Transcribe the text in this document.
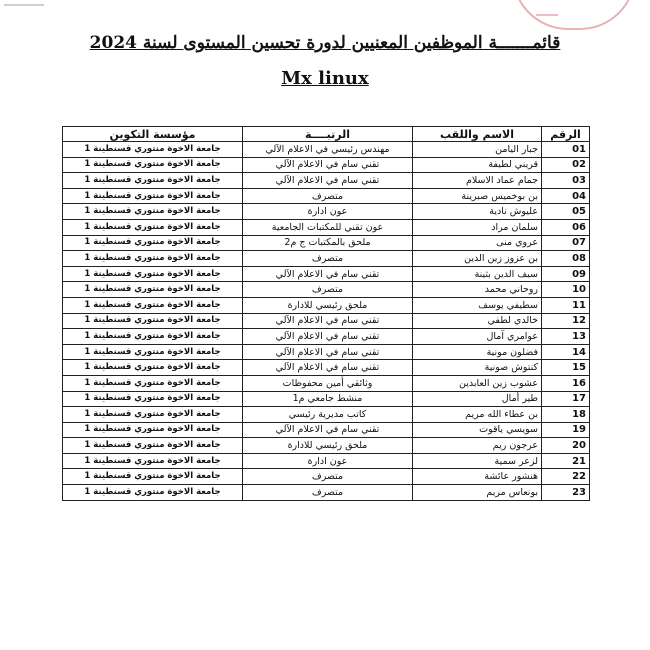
قائمـــــــة الموظفين المعنيين لدورة تحسين المستوى لسنة 2024
Mx linux
الرقم	الاسم واللقب	الرتبــــة	مؤسسة التكوين
01	جبار اليامن	مهندس رئيسي في الاعلام الآلي	جامعة الاخوة منتوري قسنطينة 1
02	قريني لطيفة	تقني سام في الاعلام الآلي	جامعة الاخوة منتوري قسنطينة 1
03	جمام عماد الاسلام	تقني سام في الاعلام الآلي	جامعة الاخوة منتوري قسنطينة 1
04	بن بوخميس صبرينة	متصرف	جامعة الاخوة منتوري قسنطينة 1
05	عليوش نادية	عون ادارة	جامعة الاخوة منتوري قسنطينة 1
06	سلمان مراد	عون تقني للمكتبات الجامعية	جامعة الاخوة منتوري قسنطينة 1
07	عروي منى	ملحق بالمكتبات ج م2	جامعة الاخوة منتوري قسنطينة 1
08	بن عزوز زين الدين	متصرف	جامعة الاخوة منتوري قسنطينة 1
09	سيف الدين بثينة	تقني سام في الاعلام الآلي	جامعة الاخوة منتوري قسنطينة 1
10	روحاني محمد	متصرف	جامعة الاخوة منتوري قسنطينة 1
11	سطيفي يوسف	ملحق رئيسي للادارة	جامعة الاخوة منتوري قسنطينة 1
12	خالدي لطفي	تقني سام في الاعلام الآلي	جامعة الاخوة منتوري قسنطينة 1
13	عوامري آمال	تقني سام في الاعلام الآلي	جامعة الاخوة منتوري قسنطينة 1
14	فضلون مونية	تقني سام في الاعلام الآلي	جامعة الاخوة منتوري قسنطينة 1
15	كنتوش صونية	تقني سام في الاعلام الآلي	جامعة الاخوة منتوري قسنطينة 1
16	عشوب زين العابدين	وثائقي أمين محفوظات	جامعة الاخوة منتوري قسنطينة 1
17	طير أمال	منشط جامعي م1	جامعة الاخوة منتوري قسنطينة 1
18	بن عطاء الله مريم	كاتب مديرية رئيسي	جامعة الاخوة منتوري قسنطينة 1
19	سويسي ياقوت	تقني سام في الاعلام الآلي	جامعة الاخوة منتوري قسنطينة 1
20	عرجون ريم	ملحق رئيسي للادارة	جامعة الاخوة منتوري قسنطينة 1
21	لزعر سمية	عون ادارة	جامعة الاخوة منتوري قسنطينة 1
22	هنشور عائشة	متصرف	جامعة الاخوة منتوري قسنطينة 1
23	بونعاس مريم	متصرف	جامعة الاخوة منتوري قسنطينة 1
